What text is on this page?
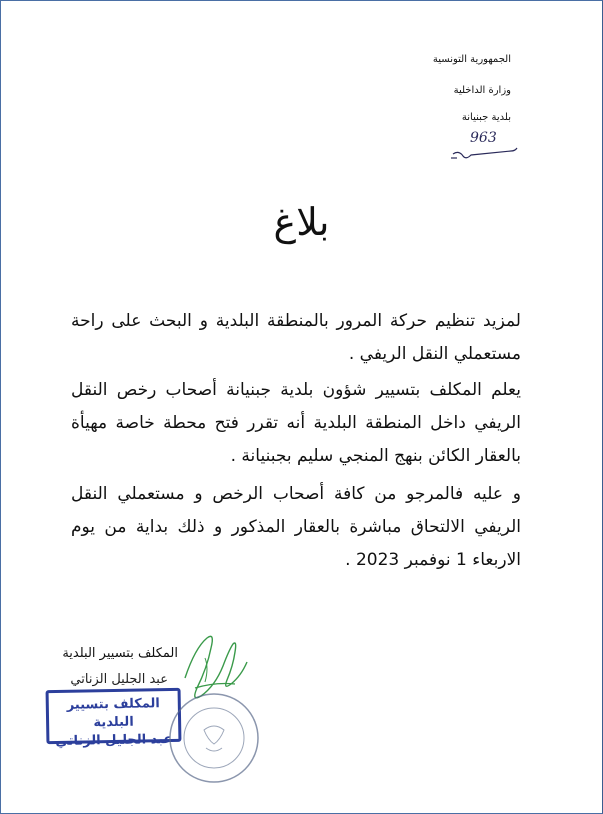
الجمهورية التونسية
وزارة الداخلية
بلدية جبنيانة
963
بلاغ
لمزيد تنظيم حركة المرور بالمنطقة البلدية و البحث على راحة مستعملي النقل الريفي .
يعلم المكلف بتسيير شؤون بلدية جبنيانة أصحاب رخص النقل الريفي داخل المنطقة البلدية أنه تقرر فتح محطة خاصة مهيأة بالعقار الكائن بنهج المنجي سليم بجبنيانة .
و عليه فالمرجو من كافة أصحاب الرخص و مستعملي النقل الريفي الالتحاق مباشرة بالعقار المذكور و ذلك بداية من يوم الاربعاء 1 نوفمبر 2023 .
المكلف بتسيير البلدية
عبد الجليل الزناتي
المكلف بتسيير البلدية
عبد الجليل الزناتي
